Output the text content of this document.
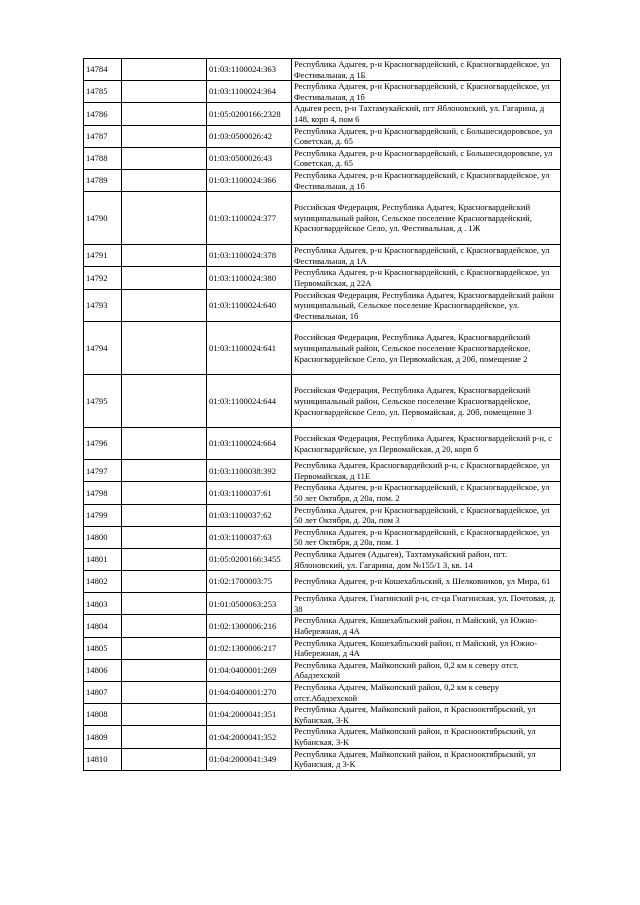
14784		01:03:1100024:363	Республика Адыгея, р-н Красногвардейский, с Красногвардейское, ул Фестивальная, д 1Б
14785		01:03:1100024:364	Республика Адыгея, р-н Красногвардейский, с Красногвардейское, ул Фестивальная, д 1б
14786		01:05:0200166:2328	Адыгея респ, р-н Тахтамукайский, пгт Яблоновский, ул. Гагарина, д 148, корп 4, пом 6
14787		01:03:0500026:42	Республика Адыгея, р-н Красногвардейский, с Большесидоровское, ул Советская, д. 65
14788		01:03:0500026:43	Республика Адыгея, р-н Красногвардейский, с Большесидоровское, ул Советская, д. 65
14789		01:03:1100024:366	Республика Адыгея, р-н Красногвардейский, с Красногвардейское, ул Фестивальная, д 1б
14790		01:03:1100024:377	Российская Федерация, Республика Адыгея, Красногвардейский муниципальный район, Сельское поселение Красногвардейский, Красногвардейское Село, ул. Фестивальная, д . 1Ж
14791		01:03:1100024:378	Республика Адыгея, р-н Красногвардейский, с Красногвардейское, ул Фестивальная, д 1А
14792		01:03:1100024:380	Республика Адыгея, р-н Красногвардейский, с Красногвардейское, ул Первомайская, д 22А
14793		01:03:1100024:640	Российская Федерация, Республика Адыгея, Красногвардейский район муниципальный, Сельское поселение Красногвардейское, ул. Фестивальная, 1б
14794		01:03:1100024:641	Российская Федерация, Республика Адыгея, Красногвардейский муниципальный район, Сельское поселение Красногвардейское, Красногвардейское Село, ул Первомайская, д 20б, помещение 2
14795		01:03:1100024:644	Российская Федерация, Республика Адыгея, Красногвардейский муниципальный район, Сельское поселение Красногвардейское, Красногвардейское Село, ул. Первомайская, д. 20б, помещение 3
14796		01:03:1100024:664	Российская Федерация, Республика Адыгея, Красногвардейский р-н, с Красногвардейское, ул Первомайская, д 20, корп б
14797		01:03:1100038:392	Республика Адыгея, Красногвардейский р-н, с Красногвардейское, ул Первомайская, д 11Е
14798		01:03:1100037:61	Республика Адыгея, р-н Красногвардейский, с Красногвардейское, ул 50 лет Октября, д 20а, пом. 2
14799		01:03:1100037:62	Республика Адыгея, р-н Красногвардейский, с Красногвардейское, ул 50 лет Октября, д. 20а, пом 3
14800		01:03:1100037:63	Республика Адыгея, р-н Красногвардейский, с Красногвардейское, ул 50 лет Октября, д 20а, пом. 1
14801		01:05:0200166:3455	Республика Адыгея (Адыгея), Тахтамукайский район, пгт. Яблоновский, ул. Гагарина, дом №155/1 3, кв. 14
14802		01:02:1700003:75	Республика Адыгея, р-н Кошехабльский, х Шелковников, ул Мира, 61
14803		01:01:0500063:253	Республика Адыгея, Гиагинский р-н, ст-ца Гиагинская, ул. Почтовая, д. 38
14804		01:02:1300006:216	Республика Адыгея, Кошехабльский район, п Майский, ул Южно-Набережная, д 4А
14805		01:02:1300006:217	Республика Адыгея, Кошехабльский район, п Майский, ул Южно-Набережная, д 4А
14806		01:04:0400001:269	Республика Адыгея, Майкопский район, 0,2 км к северу отст. Абадзехской
14807		01:04:0400001:270	Республика Адыгея, Майкопский район, 0,2 км к северу отст.Абадзехской
14808		01:04:2000041:351	Республика Адыгея, Майкопский район, п Краснооктябрьский, ул Кубанская, 3-К
14809		01:04:2000041:352	Республика Адыгея, Майкопский район, п Краснооктябрьский, ул Кубанская, 3-К
14810		01:04:2000041:349	Республика Адыгея, Майкопский район, п Краснооктябрьский, ул Кубанская, д 3-К
